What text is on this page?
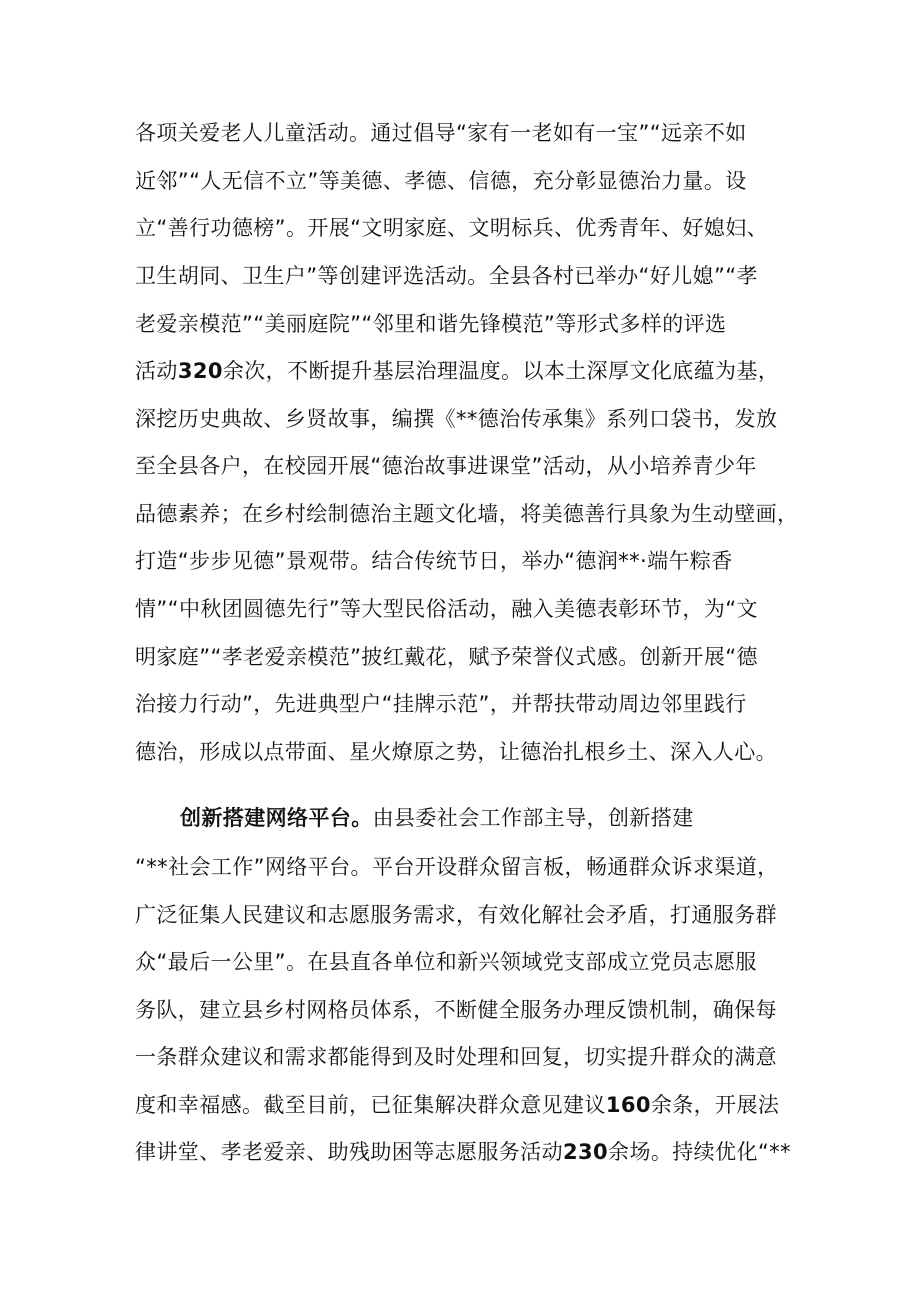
各项关爱老人儿童活动。通过倡导“家有一老如有一宝”“远亲不如
近邻”“人无信不立”等美德、孝德、信德，充分彰显德治力量。设
立“善行功德榜”。开展“文明家庭、文明标兵、优秀青年、好媳妇、
卫生胡同、卫生户”等创建评选活动。全县各村已举办“好儿媳”“孝
老爱亲模范”“美丽庭院”“邻里和谐先锋模范”等形式多样的评选
活动320余次，不断提升基层治理温度。以本土深厚文化底蕴为基，
深挖历史典故、乡贤故事，编撰《**德治传承集》系列口袋书，发放
至全县各户，在校园开展“德治故事进课堂”活动，从小培养青少年
品德素养；在乡村绘制德治主题文化墙，将美德善行具象为生动壁画，
打造“步步见德”景观带。结合传统节日，举办“德润**·端午粽香
情”“中秋团圆德先行”等大型民俗活动，融入美德表彰环节，为“文
明家庭”“孝老爱亲模范”披红戴花，赋予荣誉仪式感。创新开展“德
治接力行动”，先进典型户“挂牌示范”，并帮扶带动周边邻里践行
德治，形成以点带面、星火燎原之势，让德治扎根乡土、深入人心。
创新搭建网络平台。由县委社会工作部主导，创新搭建
“**社会工作”网络平台。平台开设群众留言板，畅通群众诉求渠道，
广泛征集人民建议和志愿服务需求，有效化解社会矛盾，打通服务群
众“最后一公里”。在县直各单位和新兴领域党支部成立党员志愿服
务队，建立县乡村网格员体系，不断健全服务办理反馈机制，确保每
一条群众建议和需求都能得到及时处理和回复，切实提升群众的满意
度和幸福感。截至目前，已征集解决群众意见建议160余条，开展法
律讲堂、孝老爱亲、助残助困等志愿服务活动230余场。持续优化“**
